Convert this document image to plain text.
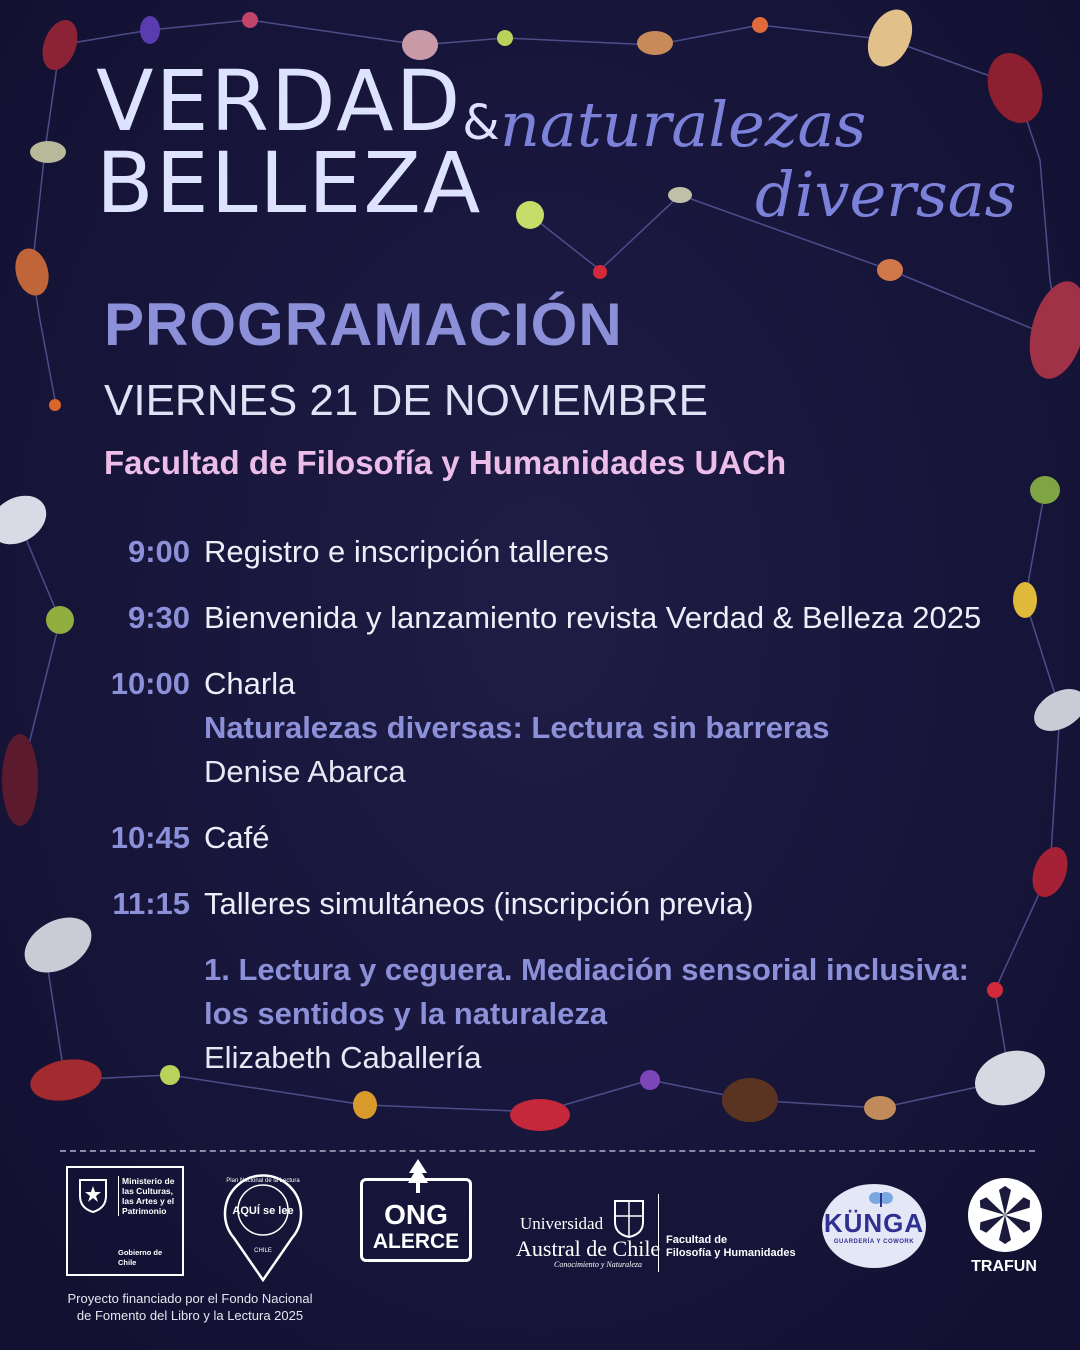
VERDAD&
BELLEZA
naturalezas
diversas
PROGRAMACIÓN
VIERNES 21 DE NOVIEMBRE
Facultad de Filosofía y Humanidades UACh
9:00 Registro e inscripción talleres
9:30 Bienvenida y lanzamiento revista Verdad & Belleza 2025
10:00 Charla
Naturalezas diversas: Lectura sin barreras
Denise Abarca
10:45 Café
11:15 Talleres simultáneos (inscripción previa)
1. Lectura y ceguera. Mediación sensorial inclusiva:
los sentidos y la naturaleza
Elizabeth Caballería
Ministerio de
las Culturas,
las Artes y el
Patrimonio
Gobierno de Chile
Plan Nacional de la Lectura
AQUÍ se lee
CHILE
ONG
ALERCE
Universidad
Austral de Chile
Conocimiento y Naturaleza
Facultad de
Filosofía y Humanidades
KÜNGA
GUARDERÍA Y COWORK
TRAFUN
Proyecto financiado por el Fondo Nacional
de Fomento del Libro y la Lectura 2025
